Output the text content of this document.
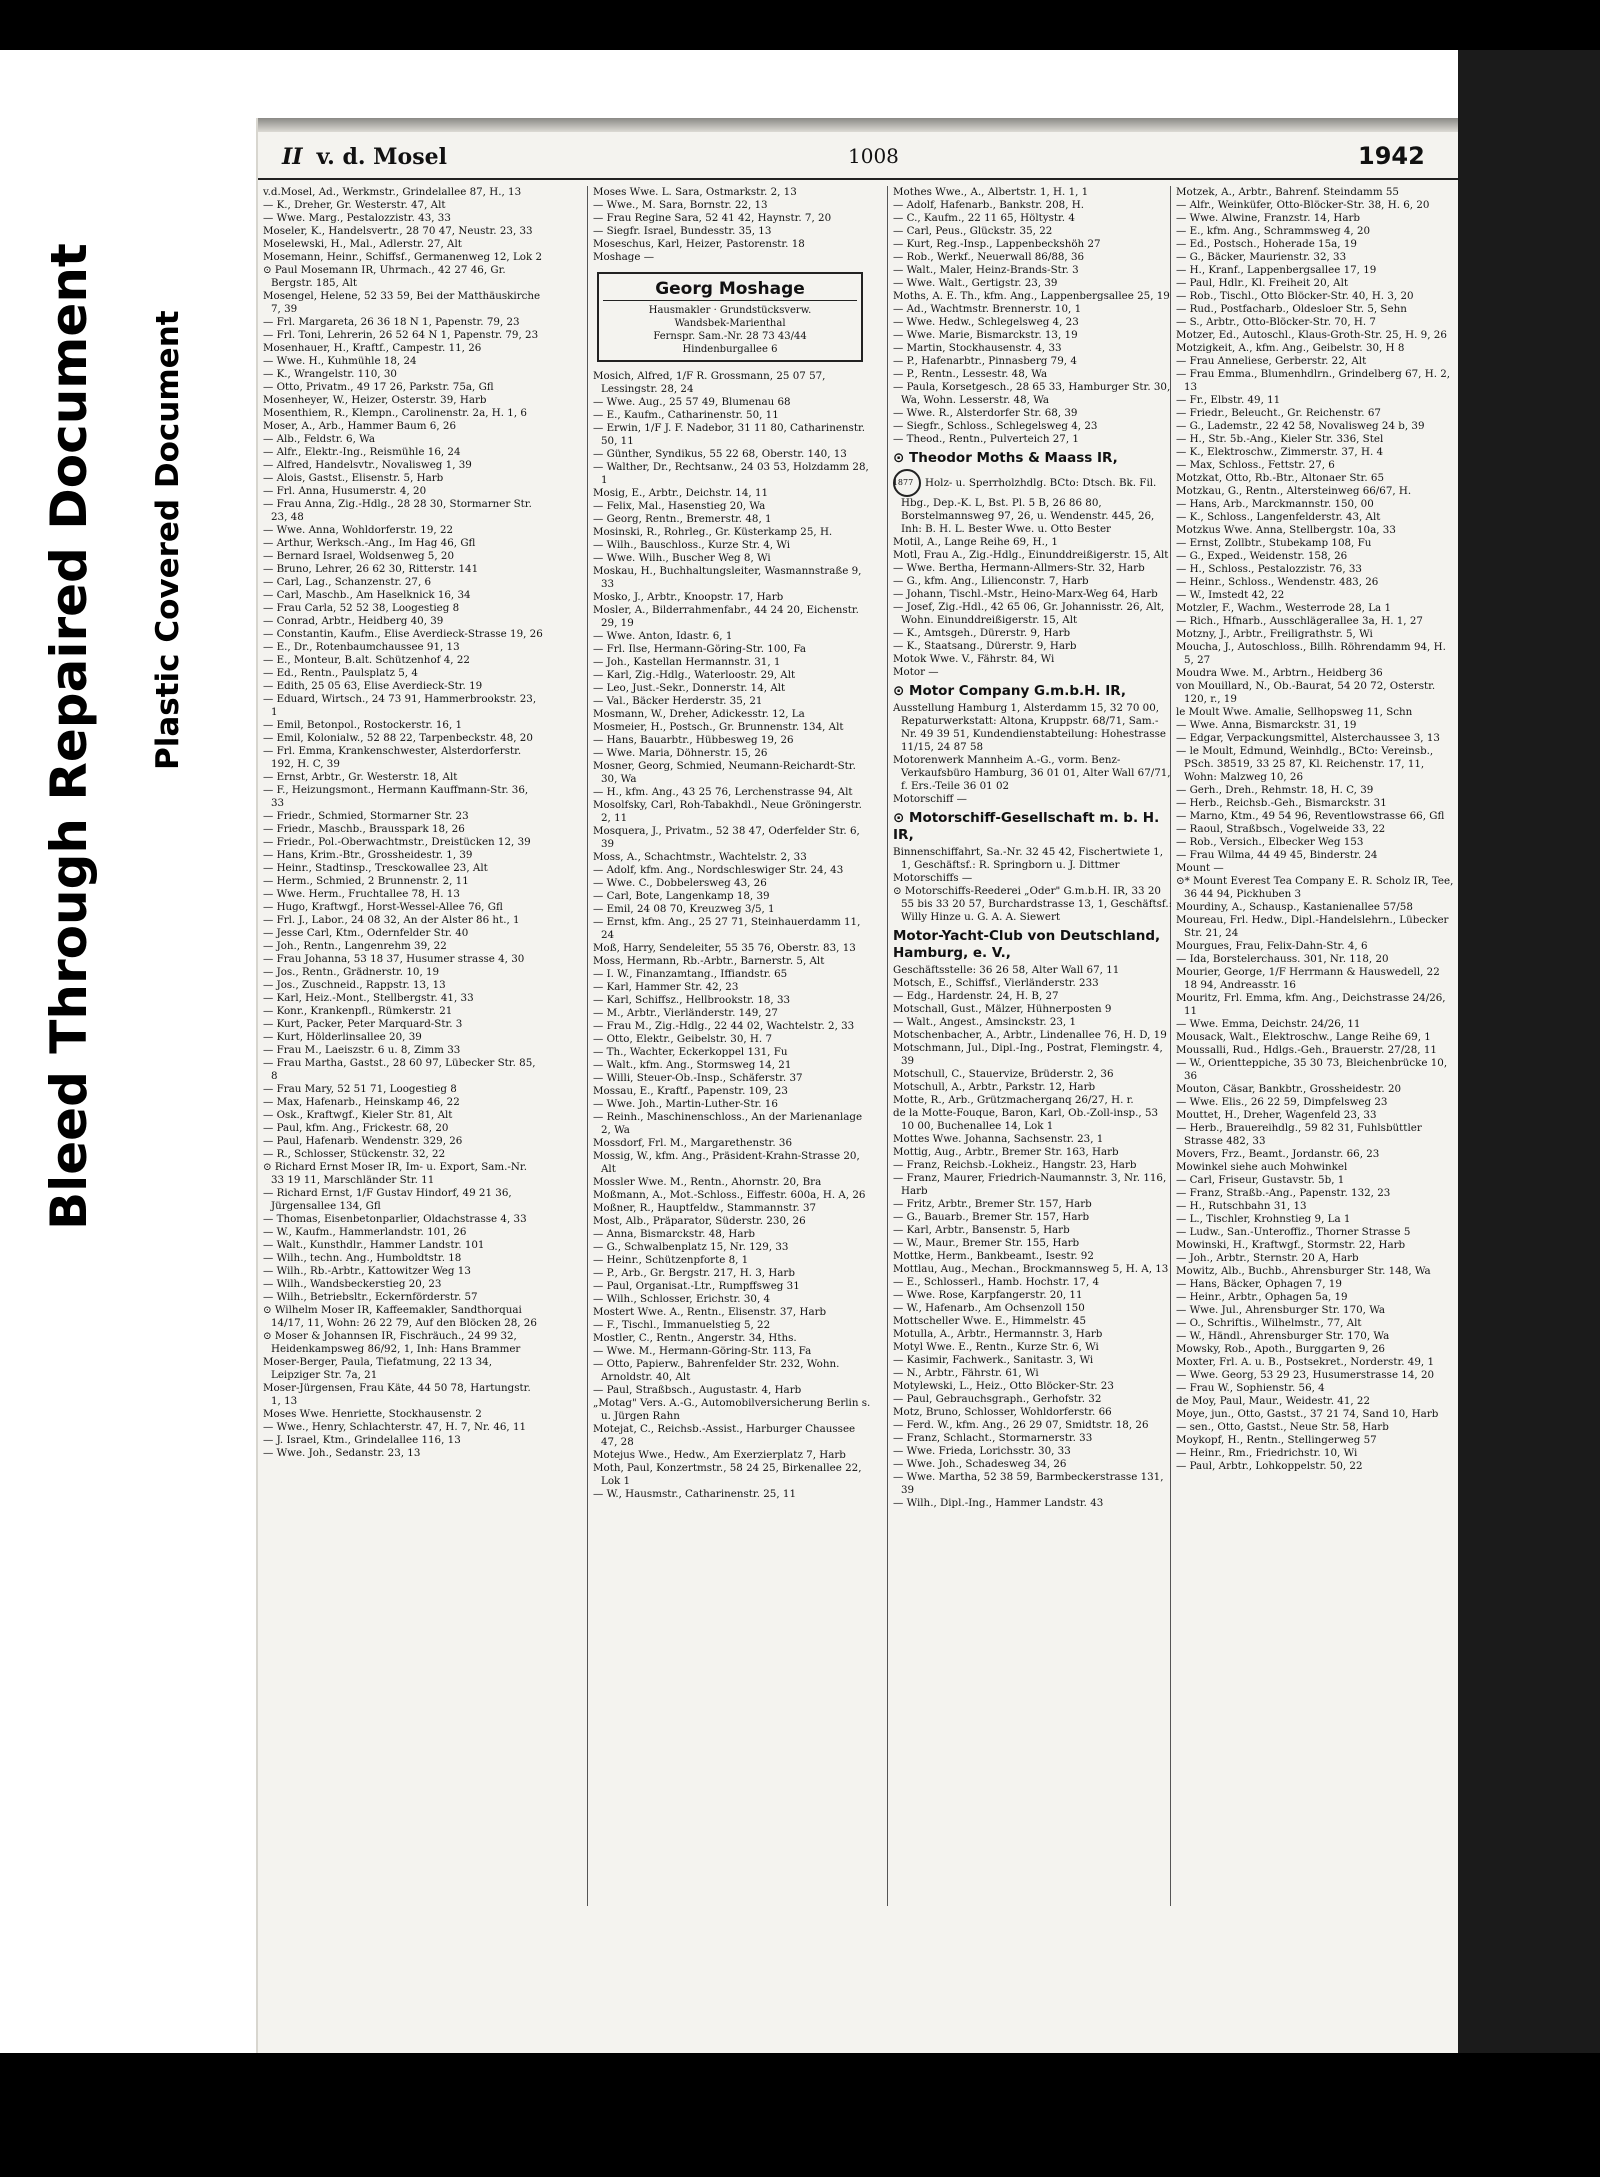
Bleed Through Repaired Document Plastic Covered Document
II v. d. Mosel	1008	1942

v.d.Mosel, Ad., Werkmstr., Grindelallee 87, H., 13

— K., Dreher, Gr. Westerstr. 47, Alt

— Wwe. Marg., Pestalozzistr. 43, 33

Moseler, K., Handelsvertr., 28 70 47, Neustr. 23, 33

Moselewski, H., Mal., Adlerstr. 27, Alt

Mosemann, Heinr., Schiffsf., Germanenweg 12, Lok 2

⊙ Paul Mosemann IR, Uhrmach., 42 27 46, Gr. Bergstr. 185, Alt

Mosengel, Helene, 52 33 59, Bei der Matthäuskirche 7, 39

— Frl. Margareta, 26 36 18 N 1, Papenstr. 79, 23

— Frl. Toni, Lehrerin, 26 52 64 N 1, Papenstr. 79, 23

Mosenhauer, H., Kraftf., Campestr. 11, 26

— Wwe. H., Kuhmühle 18, 24

— K., Wrangelstr. 110, 30

— Otto, Privatm., 49 17 26, Parkstr. 75a, Gfl

Mosenheyer, W., Heizer, Osterstr. 39, Harb

Mosenthiem, R., Klempn., Carolinenstr. 2a, H. 1, 6

Moser, A., Arb., Hammer Baum 6, 26

— Alb., Feldstr. 6, Wa

— Alfr., Elektr.-Ing., Reismühle 16, 24

— Alfred, Handelsvtr., Novalisweg 1, 39

— Alois, Gastst., Elisenstr. 5, Harb

— Frl. Anna, Husumerstr. 4, 20

— Frau Anna, Zig.-Hdlg., 28 28 30, Stormarner Str. 23, 48

— Wwe. Anna, Wohldorferstr. 19, 22

— Arthur, Werksch.-Ang., Im Hag 46, Gfl

— Bernard Israel, Woldsenweg 5, 20

— Bruno, Lehrer, 26 62 30, Ritterstr. 141

— Carl, Lag., Schanzenstr. 27, 6

— Carl, Maschb., Am Haselknick 16, 34

— Frau Carla, 52 52 38, Loogestieg 8

— Conrad, Arbtr., Heidberg 40, 39

— Constantin, Kaufm., Elise Averdieck-Strasse 19, 26

— E., Dr., Rotenbaumchaussee 91, 13

— E., Monteur, B.alt. Schützenhof 4, 22

— Ed., Rentn., Paulsplatz 5, 4

— Edith, 25 05 63, Elise Averdieck-Str. 19

— Eduard, Wirtsch., 24 73 91, Hammerbrookstr. 23, 1

— Emil, Betonpol., Rostockerstr. 16, 1

— Emil, Kolonialw., 52 88 22, Tarpenbeckstr. 48, 20

— Frl. Emma, Krankenschwester, Alsterdorferstr. 192, H. C, 39

— Ernst, Arbtr., Gr. Westerstr. 18, Alt

— F., Heizungsmont., Hermann Kauffmann-Str. 36, 33

— Friedr., Schmied, Stormarner Str. 23

— Friedr., Maschb., Brausspark 18, 26

— Friedr., Pol.-Oberwachtmstr., Dreistücken 12, 39

— Hans, Krim.-Btr., Grossheidestr. 1, 39

— Heinr., Stadtinsp., Tresckowallee 23, Alt

— Herm., Schmied, 2 Brunnenstr. 2, 11

— Wwe. Herm., Fruchtallee 78, H. 13

— Hugo, Kraftwgf., Horst-Wessel-Allee 76, Gfl

— Frl. J., Labor., 24 08 32, An der Alster 86 ht., 1

— Jesse Carl, Ktm., Odernfelder Str. 40

— Joh., Rentn., Langenrehm 39, 22

— Frau Johanna, 53 18 37, Husumer strasse 4, 30

— Jos., Rentn., Grädnerstr. 10, 19

— Jos., Zuschneid., Rappstr. 13, 13

— Karl, Heiz.-Mont., Stellbergstr. 41, 33

— Konr., Krankenpfl., Rümkerstr. 21

— Kurt, Packer, Peter Marquard-Str. 3

— Kurt, Hölderlinsallee 20, 39

— Frau M., Laeiszstr. 6 u. 8, Zimm 33

— Frau Martha, Gastst., 28 60 97, Lübecker Str. 85, 8

— Frau Mary, 52 51 71, Loogestieg 8

— Max, Hafenarb., Heinskamp 46, 22

— Osk., Kraftwgf., Kieler Str. 81, Alt

— Paul, kfm. Ang., Frickestr. 68, 20

— Paul, Hafenarb. Wendenstr. 329, 26

— R., Schlosser, Stückenstr. 32, 22

⊙ Richard Ernst Moser IR, Im- u. Export, Sam.-Nr. 33 19 11, Marschländer Str. 11

— Richard Ernst, 1/F Gustav Hindorf, 49 21 36, Jürgensallee 134, Gfl

— Thomas, Eisenbetonparlier, Oldachstrasse 4, 33

— W., Kaufm., Hammerlandstr. 101, 26

— Walt., Kunsthdlr., Hammer Landstr. 101

— Wilh., techn. Ang., Humboldtstr. 18

— Wilh., Rb.-Arbtr., Kattowitzer Weg 13

— Wilh., Wandsbeckerstieg 20, 23

— Wilh., Betriebsltr., Eckernförderstr. 57

⊙ Wilhelm Moser IR, Kaffeemakler, Sandthorquai 14/17, 11, Wohn: 26 22 79, Auf den Blöcken 28, 26

⊙ Moser & Johannsen IR, Fischräuch., 24 99 32, Heidenkampsweg 86/92, 1, Inh: Hans Brammer

Moser-Berger, Paula, Tiefatmung, 22 13 34, Leipziger Str. 7a, 21

Moser-Jürgensen, Frau Käte, 44 50 78, Hartungstr. 1, 13

Moses Wwe. Henriette, Stockhausenstr. 2

— Wwe., Henry, Schlachterstr. 47, H. 7, Nr. 46, 11

— J. Israel, Ktm., Grindelallee 116, 13

— Wwe. Joh., Sedanstr. 23, 13

Moses Wwe. L. Sara, Ostmarkstr. 2, 13

— Wwe., M. Sara, Bornstr. 22, 13

— Frau Regine Sara, 52 41 42, Haynstr. 7, 20

— Siegfr. Israel, Bundesstr. 35, 13

Moseschus, Karl, Heizer, Pastorenstr. 18

Moshage —

Georg Moshage
Hausmakler · Grundstücksverw.
Wandsbek-Marienthal
Fernspr. Sam.-Nr. 28 73 43/44
Hindenburgallee 6

Mosich, Alfred, 1/F R. Grossmann, 25 07 57, Lessingstr. 28, 24

— Wwe. Aug., 25 57 49, Blumenau 68

— E., Kaufm., Catharinenstr. 50, 11

— Erwin, 1/F J. F. Nadebor, 31 11 80, Catharinenstr. 50, 11

— Günther, Syndikus, 55 22 68, Oberstr. 140, 13

— Walther, Dr., Rechtsanw., 24 03 53, Holzdamm 28, 1

Mosig, E., Arbtr., Deichstr. 14, 11

— Felix, Mal., Hasenstieg 20, Wa

— Georg, Rentn., Bremerstr. 48, 1

Mosinski, R., Rohrleg., Gr. Küsterkamp 25, H.

— Wilh., Bauschloss., Kurze Str. 4, Wi

— Wwe. Wilh., Buscher Weg 8, Wi

Moskau, H., Buchhaltungsleiter, Wasmannstraße 9, 33

Mosko, J., Arbtr., Knoopstr. 17, Harb

Mosler, A., Bilderrahmenfabr., 44 24 20, Eichenstr. 29, 19

— Wwe. Anton, Idastr. 6, 1

— Frl. Ilse, Hermann-Göring-Str. 100, Fa

— Joh., Kastellan Hermannstr. 31, 1

— Karl, Zig.-Hdlg., Waterloostr. 29, Alt

— Leo, Just.-Sekr., Donnerstr. 14, Alt

— Val., Bäcker Herderstr. 35, 21

Mosmann, W., Dreher, Adickesstr. 12, La

Mosmeier, H., Postsch., Gr. Brunnenstr. 134, Alt

— Hans, Bauarbtr., Hübbesweg 19, 26

— Wwe. Maria, Döhnerstr. 15, 26

Mosner, Georg, Schmied, Neumann-Reichardt-Str. 30, Wa

— H., kfm. Ang., 43 25 76, Lerchenstrasse 94, Alt

Mosolfsky, Carl, Roh-Tabakhdl., Neue Gröningerstr. 2, 11

Mosquera, J., Privatm., 52 38 47, Oderfelder Str. 6, 39

Moss, A., Schachtmstr., Wachtelstr. 2, 33

— Adolf, kfm. Ang., Nordschleswiger Str. 24, 43

— Wwe. C., Dobbelersweg 43, 26

— Carl, Bote, Langenkamp 18, 39

— Emil, 24 08 70, Kreuzweg 3/5, 1

— Ernst, kfm. Ang., 25 27 71, Steinhauerdamm 11, 24

Moß, Harry, Sendeleiter, 55 35 76, Oberstr. 83, 13

Moss, Hermann, Rb.-Arbtr., Barnerstr. 5, Alt

— I. W., Finanzamtang., Iffiandstr. 65

— Karl, Hammer Str. 42, 23

— Karl, Schiffsz., Hellbrookstr. 18, 33

— M., Arbtr., Vierländerstr. 149, 27

— Frau M., Zig.-Hdlg., 22 44 02, Wachtelstr. 2, 33

— Otto, Elektr., Geibelstr. 30, H. 7

— Th., Wachter, Eckerkoppel 131, Fu

— Walt., kfm. Ang., Stormsweg 14, 21

— Willi, Steuer-Ob.-Insp., Schäferstr. 37

Mossau, E., Kraftf., Papenstr. 109, 23

— Wwe. Joh., Martin-Luther-Str. 16

— Reinh., Maschinenschloss., An der Marienanlage 2, Wa

Mossdorf, Frl. M., Margarethenstr. 36

Mossig, W., kfm. Ang., Präsident-Krahn-Strasse 20, Alt

Mossler Wwe. M., Rentn., Ahornstr. 20, Bra

Moßmann, A., Mot.-Schloss., Eiffestr. 600a, H. A, 26

Moßner, R., Hauptfeldw., Stammannstr. 37

Most, Alb., Präparator, Süderstr. 230, 26

— Anna, Bismarckstr. 48, Harb

— G., Schwalbenplatz 15, Nr. 129, 33

— Heinr., Schützenpforte 8, 1

— P., Arb., Gr. Bergstr. 217, H. 3, Harb

— Paul, Organisat.-Ltr., Rumpffsweg 31

— Wilh., Schlosser, Erichstr. 30, 4

Mostert Wwe. A., Rentn., Elisenstr. 37, Harb

— F., Tischl., Immanuelstieg 5, 22

Mostler, C., Rentn., Angerstr. 34, Hths.

— Wwe. M., Hermann-Göring-Str. 113, Fa

— Otto, Papierw., Bahrenfelder Str. 232, Wohn. Arnoldstr. 40, Alt

— Paul, Straßbsch., Augustastr. 4, Harb

„Motag" Vers. A.-G., Automobilversicherung Berlin s. u. Jürgen Rahn

Motejat, C., Reichsb.-Assist., Harburger Chaussee 47, 28

Motejus Wwe., Hedw., Am Exerzierplatz 7, Harb

Moth, Paul, Konzertmstr., 58 24 25, Birkenallee 22, Lok 1

— W., Hausmstr., Catharinenstr. 25, 11

Mothes Wwe., A., Albertstr. 1, H. 1, 1

— Adolf, Hafenarb., Bankstr. 208, H.

— C., Kaufm., 22 11 65, Höltystr. 4

— Carl, Peus., Glückstr. 35, 22

— Kurt, Reg.-Insp., Lappenbeckshöh 27

— Rob., Werkf., Neuerwall 86/88, 36

— Walt., Maler, Heinz-Brands-Str. 3

— Wwe. Walt., Gertigstr. 23, 39

Moths, A. E. Th., kfm. Ang., Lappenbergsallee 25, 19

— Ad., Wachtmstr. Brennerstr. 10, 1

— Wwe. Hedw., Schlegelsweg 4, 23

— Wwe. Marie, Bismarckstr. 13, 19

— Martin, Stockhausenstr. 4, 33

— P., Hafenarbtr., Pinnasberg 79, 4

— P., Rentn., Lessestr. 48, Wa

— Paula, Korsetgesch., 28 65 33, Hamburger Str. 30, Wa, Wohn. Lesserstr. 48, Wa

— Wwe. R., Alsterdorfer Str. 68, 39

— Siegfr., Schloss., Schlegelsweg 4, 23

— Theod., Rentn., Pulverteich 27, 1

⊙ Theodor Moths & Maass IR,

1877 Holz- u. Sperrholzhdlg. BCto: Dtsch. Bk. Fil. Hbg., Dep.-K. L, Bst. Pl. 5 B, 26 86 80, Borstelmannsweg 97, 26, u. Wendenstr. 445, 26, Inh: B. H. L. Bester Wwe. u. Otto Bester

Motil, A., Lange Reihe 69, H., 1

Motl, Frau A., Zig.-Hdlg., Einunddreißigerstr. 15, Alt

— Wwe. Bertha, Hermann-Allmers-Str. 32, Harb

— G., kfm. Ang., Lilienconstr. 7, Harb

— Johann, Tischl.-Mstr., Heino-Marx-Weg 64, Harb

— Josef, Zig.-Hdl., 42 65 06, Gr. Johannisstr. 26, Alt, Wohn. Einunddreißigerstr. 15, Alt

— K., Amtsgeh., Dürerstr. 9, Harb

— K., Staatsang., Dürerstr. 9, Harb

Motok Wwe. V., Fährstr. 84, Wi

Motor —

⊙ Motor Company G.m.b.H. IR,

Ausstellung Hamburg 1, Alsterdamm 15, 32 70 00, Repaturwerkstatt: Altona, Kruppstr. 68/71, Sam.-Nr. 49 39 51, Kundendienstabteilung: Hohestrasse 11/15, 24 87 58

Motorenwerk Mannheim A.-G., vorm. Benz-Verkaufsbüro Hamburg, 36 01 01, Alter Wall 67/71, f. Ers.-Teile 36 01 02

Motorschiff —

⊙ Motorschiff-Gesellschaft m. b. H. IR,

Binnenschiffahrt, Sa.-Nr. 32 45 42, Fischertwiete 1, 1, Geschäftsf.: R. Springborn u. J. Dittmer

Motorschiffs —

⊙ Motorschiffs-Reederei „Oder" G.m.b.H. IR, 33 20 55 bis 33 20 57, Burchardstrasse 13, 1, Geschäftsf.: Willy Hinze u. G. A. A. Siewert

Motor-Yacht-Club von Deutschland, Hamburg, e. V.,

Geschäftsstelle: 36 26 58, Alter Wall 67, 11

Motsch, E., Schiffsf., Vierländerstr. 233

— Edg., Hardenstr. 24, H. B, 27

Motschall, Gust., Mälzer, Hühnerposten 9

— Walt., Angest., Amsinckstr. 23, 1

Motschenbacher, A., Arbtr., Lindenallee 76, H. D, 19

Motschmann, Jul., Dipl.-Ing., Postrat, Flemingstr. 4, 39

Motschull, C., Stauervize, Brüderstr. 2, 36

Motschull, A., Arbtr., Parkstr. 12, Harb

Motte, R., Arb., Grützmacherganq 26/27, H. r.

de la Motte-Fouque, Baron, Karl, Ob.-Zoll-insp., 53 10 00, Buchenallee 14, Lok 1

Mottes Wwe. Johanna, Sachsenstr. 23, 1

Mottig, Aug., Arbtr., Bremer Str. 163, Harb

— Franz, Reichsb.-Lokheiz., Hangstr. 23, Harb

— Franz, Maurer, Friedrich-Naumannstr. 3, Nr. 116, Harb

— Fritz, Arbtr., Bremer Str. 157, Harb

— G., Bauarb., Bremer Str. 157, Harb

— Karl, Arbtr., Bansenstr. 5, Harb

— W., Maur., Bremer Str. 155, Harb

Mottke, Herm., Bankbeamt., Isestr. 92

Mottlau, Aug., Mechan., Brockmannsweg 5, H. A, 13

— E., Schlosserl., Hamb. Hochstr. 17, 4

— Wwe. Rose, Karpfangerstr. 20, 11

— W., Hafenarb., Am Ochsenzoll 150

Mottscheller Wwe. E., Himmelstr. 45

Motulla, A., Arbtr., Hermannstr. 3, Harb

Motyl Wwe. E., Rentn., Kurze Str. 6, Wi

— Kasimir, Fachwerk., Sanitastr. 3, Wi

— N., Arbtr., Fährstr. 61, Wi

Motylewski, L., Heiz., Otto Blöcker-Str. 23

— Paul, Gebrauchsgraph., Gerhofstr. 32

Motz, Bruno, Schlosser, Wohldorferstr. 66

— Ferd. W., kfm. Ang., 26 29 07, Smidtstr. 18, 26

— Franz, Schlacht., Stormarnerstr. 33

— Wwe. Frieda, Lorichsstr. 30, 33

— Wwe. Joh., Schadesweg 34, 26

— Wwe. Martha, 52 38 59, Barmbeckerstrasse 131, 39

— Wilh., Dipl.-Ing., Hammer Landstr. 43

Motzek, A., Arbtr., Bahrenf. Steindamm 55

— Alfr., Weinküfer, Otto-Blöcker-Str. 38, H. 6, 20

— Wwe. Alwine, Franzstr. 14, Harb

— E., kfm. Ang., Schrammsweg 4, 20

— Ed., Postsch., Hoherade 15a, 19

— G., Bäcker, Maurienstr. 32, 33

— H., Kranf., Lappenbergsallee 17, 19

— Paul, Hdlr., Kl. Freiheit 20, Alt

— Rob., Tischl., Otto Blöcker-Str. 40, H. 3, 20

— Rud., Postfacharb., Oldesloer Str. 5, Sehn

— S., Arbtr., Otto-Blöcker-Str. 70, H. 7

Motzer, Ed., Autoschl., Klaus-Groth-Str. 25, H. 9, 26

Motzigkeit, A., kfm. Ang., Geibelstr. 30, H 8

— Frau Anneliese, Gerberstr. 22, Alt

— Frau Emma., Blumenhdlrn., Grindelberg 67, H. 2, 13

— Fr., Elbstr. 49, 11

— Friedr., Beleucht., Gr. Reichenstr. 67

— G., Lademstr., 22 42 58, Novalisweg 24 b, 39

— H., Str. 5b.-Ang., Kieler Str. 336, Stel

— K., Elektroschw., Zimmerstr. 37, H. 4

— Max, Schloss., Fettstr. 27, 6

Motzkat, Otto, Rb.-Btr., Altonaer Str. 65

Motzkau, G., Rentn., Altersteinweg 66/67, H.

— Hans, Arb., Marckmannstr. 150, 00

— K., Schloss., Langenfelderstr. 43, Alt

Motzkus Wwe. Anna, Stellbergstr. 10a, 33

— Ernst, Zollbtr., Stubekamp 108, Fu

— G., Exped., Weidenstr. 158, 26

— H., Schloss., Pestalozzistr. 76, 33

— Heinr., Schloss., Wendenstr. 483, 26

— W., Imstedt 42, 22

Motzler, F., Wachm., Westerrode 28, La 1

— Rich., Hfnarb., Ausschlägerallee 3a, H. 1, 27

Motzny, J., Arbtr., Freiligrathstr. 5, Wi

Moucha, J., Autoschloss., Billh. Röhrendamm 94, H. 5, 27

Moudra Wwe. M., Arbtrn., Heidberg 36

von Mouillard, N., Ob.-Baurat, 54 20 72, Osterstr. 120, r., 19

le Moult Wwe. Amalie, Sellhopsweg 11, Schn

— Wwe. Anna, Bismarckstr. 31, 19

— Edgar, Verpackungsmittel, Alsterchaussee 3, 13

— le Moult, Edmund, Weinhdlg., BCto: Vereinsb., PSch. 38519, 33 25 87, Kl. Reichenstr. 17, 11, Wohn: Malzweg 10, 26

— Gerh., Dreh., Rehmstr. 18, H. C, 39

— Herb., Reichsb.-Geh., Bismarckstr. 31

— Marno, Ktm., 49 54 96, Reventlowstrasse 66, Gfl

— Raoul, Straßbsch., Vogelweide 33, 22

— Rob., Versich., Elbecker Weg 153

— Frau Wilma, 44 49 45, Binderstr. 24

Mount —

⊙* Mount Everest Tea Company E. R. Scholz IR, Tee, 36 44 94, Pickhuben 3

Mourdiny, A., Schausp., Kastanienallee 57/58

Moureau, Frl. Hedw., Dipl.-Handelslehrn., Lübecker Str. 21, 24

Mourgues, Frau, Felix-Dahn-Str. 4, 6

— Ida, Borstelerchauss. 301, Nr. 118, 20

Mourier, George, 1/F Herrmann & Hauswedell, 22 18 94, Andreasstr. 16

Mouritz, Frl. Emma, kfm. Ang., Deichstrasse 24/26, 11

— Wwe. Emma, Deichstr. 24/26, 11

Mousack, Walt., Elektroschw., Lange Reihe 69, 1

Moussalli, Rud., Hdlgs.-Geh., Brauerstr. 27/28, 11

— W., Orientteppiche, 35 30 73, Bleichenbrücke 10, 36

Mouton, Cäsar, Bankbtr., Grossheidestr. 20

— Wwe. Elis., 26 22 59, Dimpfelsweg 23

Mouttet, H., Dreher, Wagenfeld 23, 33

— Herb., Brauereihdlg., 59 82 31, Fuhlsbüttler Strasse 482, 33

Movers, Frz., Beamt., Jordanstr. 66, 23

Mowinkel siehe auch Mohwinkel

— Carl, Friseur, Gustavstr. 5b, 1

— Franz, Straßb.-Ang., Papenstr. 132, 23

— H., Rutschbahn 31, 13

— L., Tischler, Krohnstieg 9, La 1

— Ludw., San.-Unteroffiz., Thorner Strasse 5

Mowinski, H., Kraftwgf., Stormstr. 22, Harb

— Joh., Arbtr., Sternstr. 20 A, Harb

Mowitz, Alb., Buchb., Ahrensburger Str. 148, Wa

— Hans, Bäcker, Ophagen 7, 19

— Heinr., Arbtr., Ophagen 5a, 19

— Wwe. Jul., Ahrensburger Str. 170, Wa

— O., Schriftis., Wilhelmstr., 77, Alt

— W., Händl., Ahrensburger Str. 170, Wa

Mowsky, Rob., Apoth., Burggarten 9, 26

Moxter, Frl. A. u. B., Postsekret., Norderstr. 49, 1

— Wwe. Georg, 53 29 23, Husumerstrasse 14, 20

— Frau W., Sophienstr. 56, 4

de Moy, Paul, Maur., Weidestr. 41, 22

Moye, jun., Otto, Gastst., 37 21 74, Sand 10, Harb

— sen., Otto, Gastst., Neue Str. 58, Harb

Moykopf, H., Rentn., Stellingerweg 57

— Heinr., Rm., Friedrichstr. 10, Wi

— Paul, Arbtr., Lohkoppelstr. 50, 22
